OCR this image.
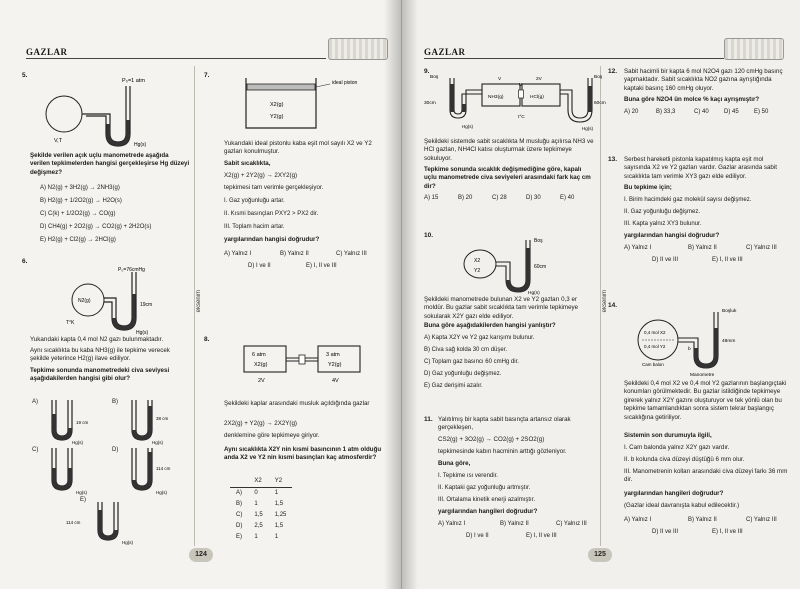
GAZLAR
5.
P₀=1 atm
V,T
Hg(s)
Şekilde verilen açık uçlu manometrede aşağıda verilen tepkimelerden hangisi gerçekleşirse Hg düzeyi değişmez?
A) N2(g) + 3H2(g) → 2NH3(g)
B) H2(g) + 1/2O2(g) → H2O(s)
C) C(k) + 1/2O2(g) → CO(g)
D) CH4(g) + 2O2(g) → CO2(g) + 2H2O(s)
E) H2(g) + Cl2(g) → 2HCl(g)
6.
P₀=76cmHg
N2(g)
T°K
19cm
Hg(s)
Yukarıdaki kapta 0,4 mol N2 gazı bulunmaktadır.
Aynı sıcaklıkta bu kaba NH3(g) ile tepkime verecek şekilde yeterince H2(g) ilave ediliyor.
Tepkime sonunda manometredeki civa seviyesi aşağıdakilerden hangisi gibi olur?
A)
19 cm
Hg(s)
B)
38 cm
Hg(s)
C)
Hg(s)
D)
114 cm
Hg(s)
E)
114 cm
Hg(s)
7.
ideal piston
X2(g)
Y2(g)
Yukarıdaki ideal pistonlu kaba eşit mol sayılı X2 ve Y2 gazları konulmuştur.
Sabit sıcaklıkta,
X2(g) + 2Y2(g) → 2XY2(g)
tepkimesi tam verimle gerçekleşiyor.
I. Gaz yoğunluğu artar.
II. Kısmi basınçları PXY2 > PX2 dir.
III. Toplam hacim artar.
yargılarından hangisi doğrudur?
A) Yalnız I	B) Yalnız II	C) Yalnız III
D) I ve II	E) I, II ve III
8.
6 atm
X2(g)
2V
3 atm
Y2(g)
4V
Şekildeki kaplar arasındaki musluk açıldığında gazlar
2X2(g) + Y2(g) → 2X2Y(g)
denklemine göre tepkimeye giriyor.
Aynı sıcaklıkta X2Y nin kısmi basıncının 1 atm olduğu anda X2 ve Y2 nin kısmi basınçları kaç atmosferdir?
	X2	Y2
A)	0	1
B)	1	1,5
C)	1,5	1,25
D)	2,5	1,5
E)	1	1
eksenim
124
GAZLAR
9.
Boş	Boş
V	2V
M
NH3(g)	HCl(g)
30cm	60cm
t°C
Hg(s)	Hg(s)
Şekildeki sistemde sabit sıcaklıkta M musluğu açılırsa NH3 ve HCl gazları, NH4Cl katısı oluşturmak üzere tepkimeye sokuluyor.
Tepkime sonunda sıcaklık değişmediğine göre, kapalı uçlu manometrede civa seviyeleri arasındaki fark kaç cm dir?
A) 15	B) 20	C) 28	D) 30	E) 40
10.
X2
Y2
Boş
60cm
Hg(s)
Şekildeki manometrede bulunan X2 ve Y2 gazları 0,3 er moldür. Bu gazlar sabit sıcaklıkta tam verimle tepkimeye sokularak X2Y gazı elde ediliyor.
Buna göre aşağıdakilerden hangisi yanlıştır?
A) Kapta X2Y ve Y2 gaz karışımı bulunur.
B) Civa sağ kolda 30 cm düşer.
C) Toplam gaz basıncı 60 cmHg dir.
D) Gaz yoğunluğu değişmez.
E) Gaz derişimi azalır.
11. Yalıtılmış bir kapta sabit basınçta artansız olarak gerçekleşen,
CS2(g) + 3O2(g) → CO2(g) + 2SO2(g)
tepkimesinde kabın hacminin arttığı gözleniyor.
Buna göre,
I. Tepkime ısı verendir.
II. Kaptaki gaz yoğunluğu artmıştır.
III. Ortalama kinetik enerji azalmıştır.
yargılarından hangileri doğrudur?
A) Yalnız I	B) Yalnız II	C) Yalnız III
D) I ve II	E) I, II ve III
12. Sabit hacimli bir kapta 6 mol N2O4 gazı 120 cmHg basınç yapmaktadır. Sabit sıcaklıkta NO2 gazına ayrıştığında kaptaki basınç 160 cmHg oluyor.
Buna göre N2O4 ün molce % kaçı ayrışmıştır?
A) 20	B) 33,3	C) 40	D) 45	E) 50
13. Serbest hareketli pistonla kapatılmış kapta eşit mol sayısında X2 ve Y2 gazları vardır. Gazlar arasında sabit sıcaklıkta tam verimle XY3 gazı elde ediliyor.
Bu tepkime için;
I. Birim hacimdeki gaz molekül sayısı değişmez.
II. Gaz yoğunluğu değişmez.
III. Kapta yalnız XY3 bulunur.
yargılarından hangisi doğrudur?
A) Yalnız I	B) Yalnız II	C) Yalnız III
D) II ve III	E) I, II ve III
14.
Boşluk
0,4 mol X2
0,4 mol Y2
Cam balon
48mm
b
Manometre
Şekildeki 0,4 mol X2 ve 0,4 mol Y2 gazlarının başlangıçtaki konumları görülmektedir. Bu gazlar istildiğinde tepkimeye girerek yalnız X2Y gazını oluşturuyor ve tek yönlü olan bu tepkime tamamlandıktan sonra sistem tekrar başlangıç sıcaklığına getiriliyor.
Sistemin son durumuyla ilgili,
I. Cam balonda yalnız X2Y gazı vardır.
II. b kolunda civa düzeyi düştüğü 6 mm olur.
III. Manometrenin kolları arasındaki civa düzeyi farkı 36 mm dir.
yargılarından hangileri doğrudur?
(Gazlar ideal davranışta kabul edilecektir.)
A) Yalnız I	B) Yalnız II	C) Yalnız III
D) II ve III	E) I, II ve III
eksenim
125
